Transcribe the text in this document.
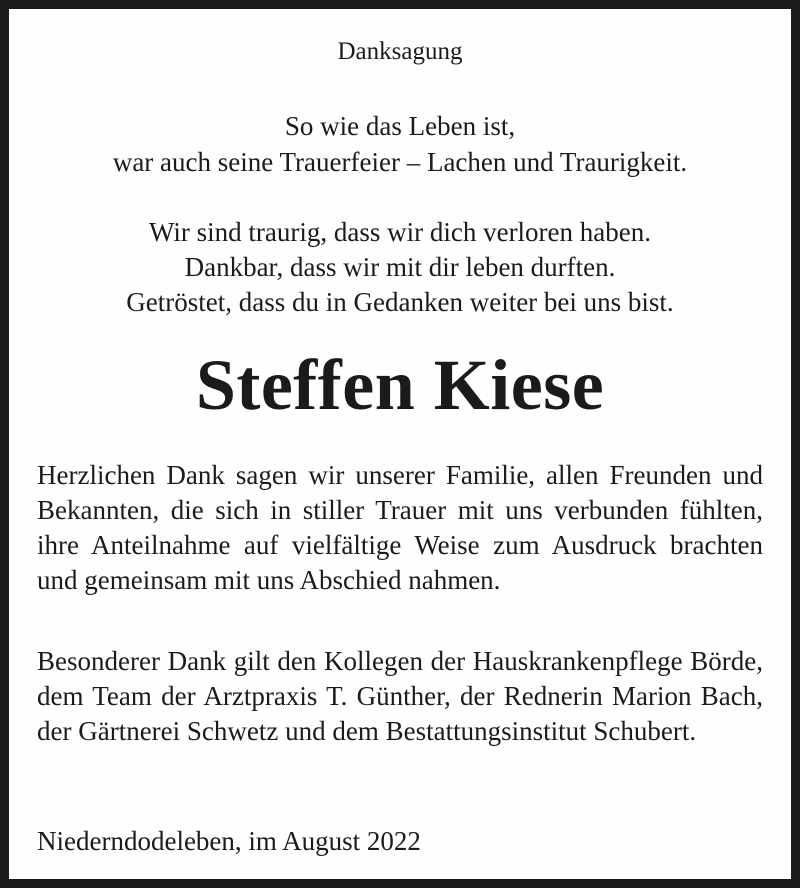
Danksagung
So wie das Leben ist,
war auch seine Trauerfeier – Lachen und Traurigkeit.
Wir sind traurig, dass wir dich verloren haben.
Dankbar, dass wir mit dir leben durften.
Getröstet, dass du in Gedanken weiter bei uns bist.
Steffen Kiese
Herzlichen Dank sagen wir unserer Familie, allen Freunden und Bekannten, die sich in stiller Trauer mit uns verbunden fühlten, ihre Anteilnahme auf vielfältige Weise zum Ausdruck brachten und gemeinsam mit uns Abschied nahmen.
Besonderer Dank gilt den Kollegen der Hauskrankenpflege Börde, dem Team der Arztpraxis T. Günther, der Rednerin Marion Bach, der Gärtnerei Schwetz und dem Bestattungsinstitut Schubert.
Niederndodeleben, im August 2022
